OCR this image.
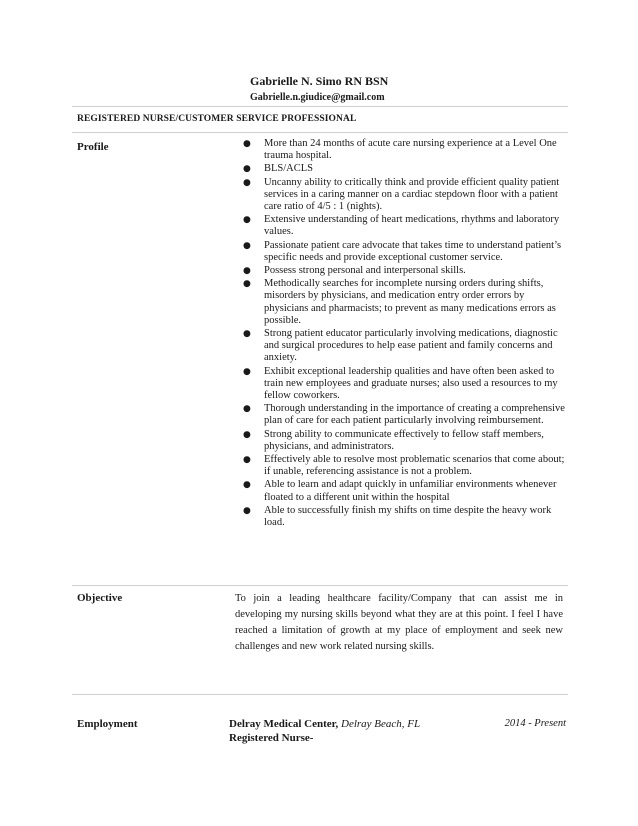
Gabrielle N. Simo RN BSN
Gabrielle.n.giudice@gmail.com
REGISTERED NURSE/CUSTOMER SERVICE PROFESSIONAL
Profile	● More than 24 months of acute care nursing experience at a Level One trauma hospital.
● BLS/ACLS
● Uncanny ability to critically think and provide efficient quality patient services in a caring manner on a cardiac stepdown floor with a patient care ratio of 4/5 : 1 (nights).
● Extensive understanding of heart medications, rhythms and laboratory values.
● Passionate patient care advocate that takes time to understand patient’s specific needs and provide exceptional customer service.
● Possess strong personal and interpersonal skills.
● Methodically searches for incomplete nursing orders during shifts, misorders by physicians, and medication entry order errors by physicians and pharmacists; to prevent as many medications errors as possible.
● Strong patient educator particularly involving medications, diagnostic and surgical procedures to help ease patient and family concerns and anxiety.
● Exhibit exceptional leadership qualities and have often been asked to train new employees and graduate nurses; also used a resources to my fellow coworkers.
● Thorough understanding in the importance of creating a comprehensive plan of care for each patient particularly involving reimbursement.
● Strong ability to communicate effectively to fellow staff members, physicians, and administrators.
● Effectively able to resolve most problematic scenarios that come about; if unable, referencing assistance is not a problem.
● Able to learn and adapt quickly in unfamiliar environments whenever floated to a different unit within the hospital
● Able to successfully finish my shifts on time despite the heavy work load.
Objective	To join a leading healthcare facility/Company that can assist me in developing my nursing skills beyond what they are at this point. I feel I have reached a limitation of growth at my place of employment and seek new challenges and new work related nursing skills.

Employment	Delray Medical Center, Delray Beach, FL	2014 - Present
Registered Nurse-
